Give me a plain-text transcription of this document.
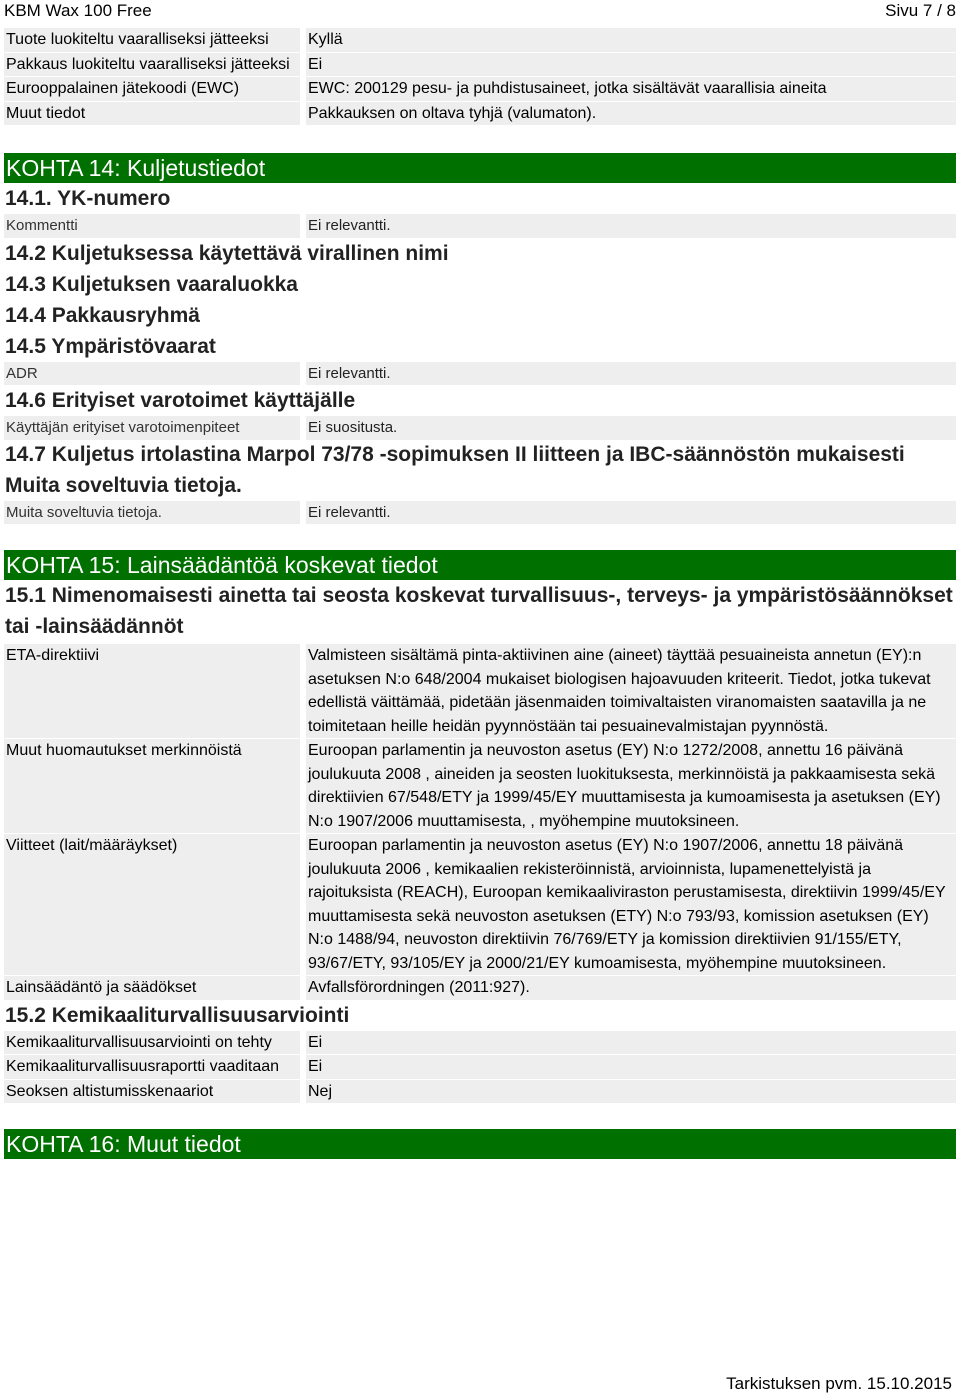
KBM Wax 100 Free	Sivu 7 / 8
Tuote luokiteltu vaaralliseksi jätteeksi	Kyllä
Pakkaus luokiteltu vaaralliseksi jätteeksi	Ei
Eurooppalainen jätekoodi (EWC)	EWC: 200129 pesu- ja puhdistusaineet, jotka sisältävät vaarallisia aineita
Muut tiedot	Pakkauksen on oltava tyhjä (valumaton).
KOHTA 14: Kuljetustiedot
14.1. YK-numero
Kommentti	Ei relevantti.
14.2 Kuljetuksessa käytettävä virallinen nimi
14.3 Kuljetuksen vaaraluokka
14.4 Pakkausryhmä
14.5 Ympäristövaarat
ADR	Ei relevantti.
14.6 Erityiset varotoimet käyttäjälle
Käyttäjän erityiset varotoimenpiteet	Ei suositusta.
14.7 Kuljetus irtolastina Marpol 73/78 -sopimuksen II liitteen ja IBC-säännöstön mukaisesti
Muita soveltuvia tietoja.
Muita soveltuvia tietoja.	Ei relevantti.
KOHTA 15: Lainsäädäntöä koskevat tiedot
15.1 Nimenomaisesti ainetta tai seosta koskevat turvallisuus-, terveys- ja ympäristösäännökset tai -lainsäädännöt
ETA-direktiivi	Valmisteen sisältämä pinta-aktiivinen aine (aineet) täyttää pesuaineista annetun (EY):n asetuksen N:o 648/2004 mukaiset biologisen hajoavuuden kriteerit. Tiedot, jotka tukevat edellistä väittämää, pidetään jäsenmaiden toimivaltaisten viranomaisten saatavilla ja ne toimitetaan heille heidän pyynnöstään tai pesuainevalmistajan pyynnöstä.
Muut huomautukset merkinnöistä	Euroopan parlamentin ja neuvoston asetus (EY) N:o 1272/2008, annettu 16 päivänä joulukuuta 2008 , aineiden ja seosten luokituksesta, merkinnöistä ja pakkaamisesta sekä direktiivien 67/548/ETY ja 1999/45/EY muuttamisesta ja kumoamisesta ja asetuksen (EY) N:o 1907/2006 muuttamisesta, , myöhempine muutoksineen.
Viitteet (lait/määräykset)	Euroopan parlamentin ja neuvoston asetus (EY) N:o 1907/2006, annettu 18 päivänä joulukuuta 2006 , kemikaalien rekisteröinnistä, arvioinnista, lupamenettelyistä ja rajoituksista (REACH), Euroopan kemikaaliviraston perustamisesta, direktiivin 1999/45/EY muuttamisesta sekä neuvoston asetuksen (ETY) N:o 793/93, komission asetuksen (EY) N:o 1488/94, neuvoston direktiivin 76/769/ETY ja komission direktiivien 91/155/ETY, 93/67/ETY, 93/105/EY ja 2000/21/EY kumoamisesta, myöhempine muutoksineen.
Lainsäädäntö ja säädökset	Avfallsförordningen (2011:927).
15.2 Kemikaaliturvallisuusarviointi
Kemikaaliturvallisuusarviointi on tehty	Ei
Kemikaaliturvallisuusraportti vaaditaan	Ei
Seoksen altistumisskenaariot	Nej
KOHTA 16: Muut tiedot
Tarkistuksen pvm. 15.10.2015
